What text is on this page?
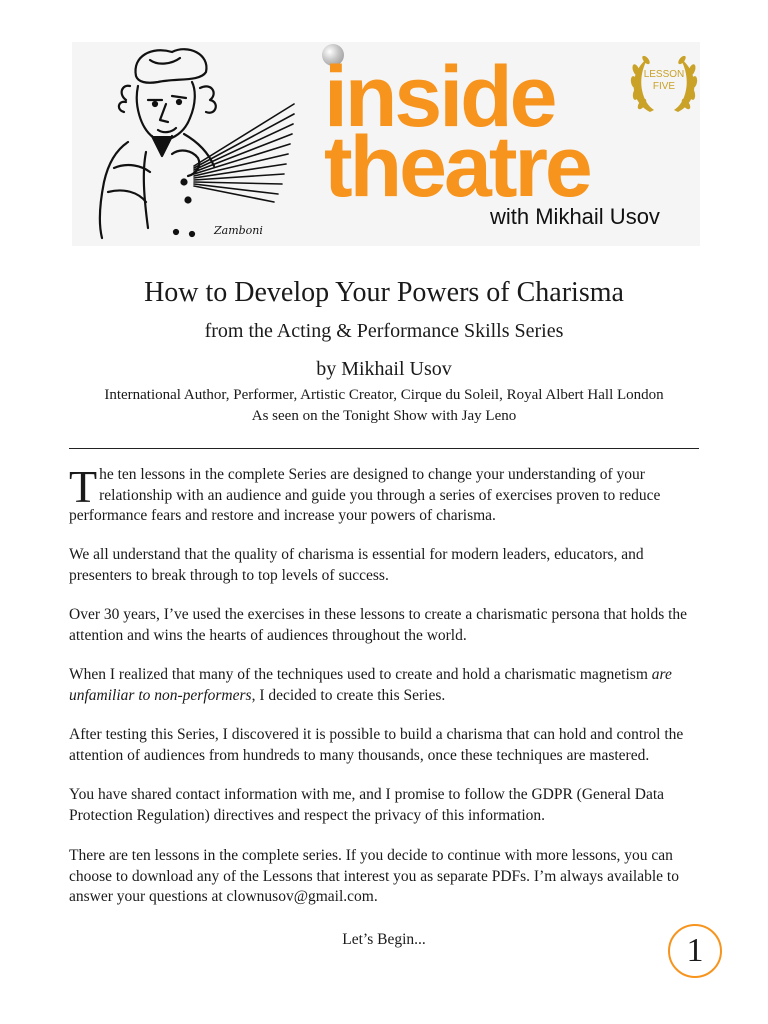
Zamboni
inside
theatre
with Mikhail Usov
LESSON
FIVE
How to Develop Your Powers of Charisma
from the Acting & Performance Skills Series
by Mikhail Usov
International Author, Performer, Artistic Creator, Cirque du Soleil, Royal Albert Hall London
As seen on the Tonight Show with Jay Leno

The ten lessons in the complete Series are designed to change your understanding of your relationship with an audience and guide you through a series of exercises proven to reduce performance fears and restore and increase your powers of charisma.

We all understand that the quality of charisma is essential for modern leaders, educators, and presenters to break through to top levels of success.

Over 30 years, I’ve used the exercises in these lessons to create a charismatic persona that holds the attention and wins the hearts of audiences throughout the world.

When I realized that many of the techniques used to create and hold a charismatic magnetism are unfamiliar to non-performers, I decided to create this Series.

After testing this Series, I discovered it is possible to build a charisma that can hold and control the attention of audiences from hundreds to many thousands, once these techniques are mastered.

You have shared contact information with me, and I promise to follow the GDPR (General Data Protection Regulation) directives and respect the privacy of this information.

There are ten lessons in the complete series. If you decide to continue with more lessons, you can choose to download any of the Lessons that interest you as separate PDFs. I’m always available to answer your questions at clownusov@gmail.com.

Let’s Begin...	1
